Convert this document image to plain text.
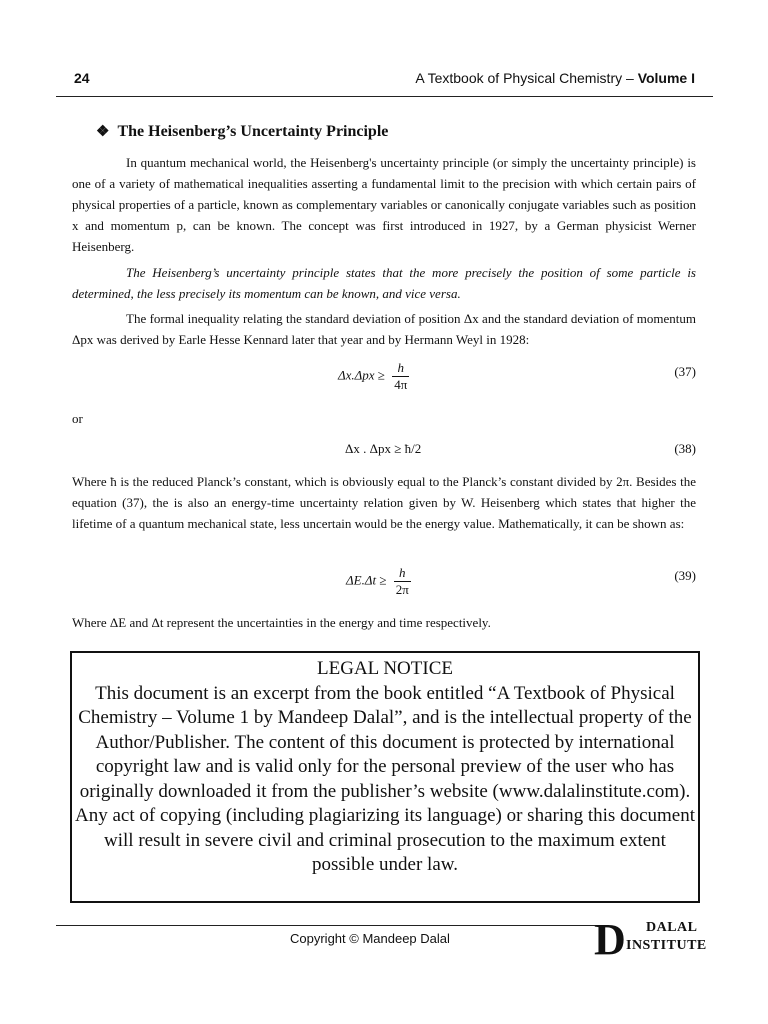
24	A Textbook of Physical Chemistry – Volume I
❖ The Heisenberg’s Uncertainty Principle
In quantum mechanical world, the Heisenberg's uncertainty principle (or simply the uncertainty principle) is one of a variety of mathematical inequalities asserting a fundamental limit to the precision with which certain pairs of physical properties of a particle, known as complementary variables or canonically conjugate variables such as position x and momentum p, can be known. The concept was first introduced in 1927, by a German physicist Werner Heisenberg.
The Heisenberg’s uncertainty principle states that the more precisely the position of some particle is determined, the less precisely its momentum can be known, and vice versa.
The formal inequality relating the standard deviation of position Δx and the standard deviation of momentum Δpx was derived by Earle Hesse Kennard later that year and by Hermann Weyl in 1928:
$\Delta x.\Delta px \ge \frac{h}{4\pi}$	(37)
or
Δx . Δpx ≥ ħ/2	(38)
Where ħ is the reduced Planck’s constant, which is obviously equal to the Planck’s constant divided by 2π. Besides the equation (37), the is also an energy-time uncertainty relation given by W. Heisenberg which states that higher the lifetime of a quantum mechanical state, less uncertain would be the energy value. Mathematically, it can be shown as:
$\Delta E.\Delta t \ge \frac{h}{2\pi}$	(39)
Where ΔE and Δt represent the uncertainties in the energy and time respectively.
LEGAL NOTICE
This document is an excerpt from the book entitled “A Textbook of Physical Chemistry – Volume 1 by Mandeep Dalal”, and is the intellectual property of the Author/Publisher. The content of this document is protected by international copyright law and is valid only for the personal preview of the user who has originally downloaded it from the publisher’s website (www.dalalinstitute.com). Any act of copying (including plagiarizing its language) or sharing this document will result in severe civil and criminal prosecution to the maximum extent possible under law.
Copyright © Mandeep Dalal	D DALAL
INSTITUTE
